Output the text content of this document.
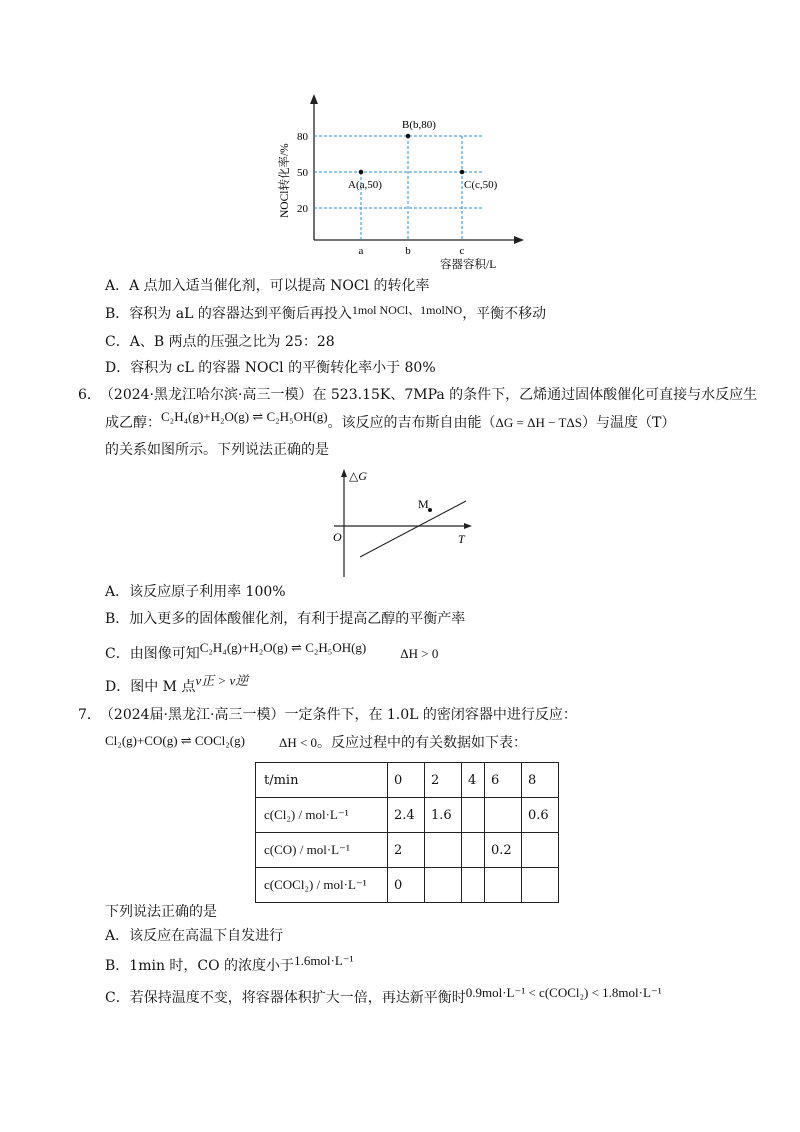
80
50
20
a	b	c
A(a,50)
B(b,80)
C(c,50)
NOCl转化率/%
容器容积/L
A．A 点加入适当催化剂，可以提高 NOCl 的转化率
B．容积为 aL 的容器达到平衡后再投入1mol NOCl、1molNO，平衡不移动
C．A、B 两点的压强之比为 25：28
D．容积为 cL 的容器 NOCl 的平衡转化率小于 80%
6． （2024·黑龙江哈尔滨·高三一模）在 523.15K、7MPa 的条件下，乙烯通过固体酸催化可直接与水反应生
成乙醇：C₂H₄(g)+H₂O(g) ⇌ C₂H₅OH(g)。该反应的吉布斯自由能（ΔG = ΔH − TΔS）与温度（T）
的关系如图所示。下列说法正确的是
M
△G
T
O
A．该反应原子利用率 100%
B．加入更多的固体酸催化剂，有利于提高乙醇的平衡产率
C．由图像可知C₂H₄(g)+H₂O(g) ⇌ C₂H₅OH(g)	ΔH > 0
D．图中 M 点v正 > v逆
7． （2024届·黑龙江·高三一模）一定条件下，在 1.0L 的密闭容器中进行反应：
Cl₂(g)+CO(g) ⇌ COCl₂(g)	ΔH < 0。反应过程中的有关数据如下表：
t/min	0	2	4	6	8
c(Cl₂) / mol·L⁻¹	2.4	1.6			0.6
c(CO) / mol·L⁻¹	2			0.2	
c(COCl₂) / mol·L⁻¹	0				
下列说法正确的是
A．该反应在高温下自发进行
B．1min 时，CO 的浓度小于1.6mol·L⁻¹
C．若保持温度不变，将容器体积扩大一倍，再达新平衡时0.9mol·L⁻¹ < c(COCl₂) < 1.8mol·L⁻¹
